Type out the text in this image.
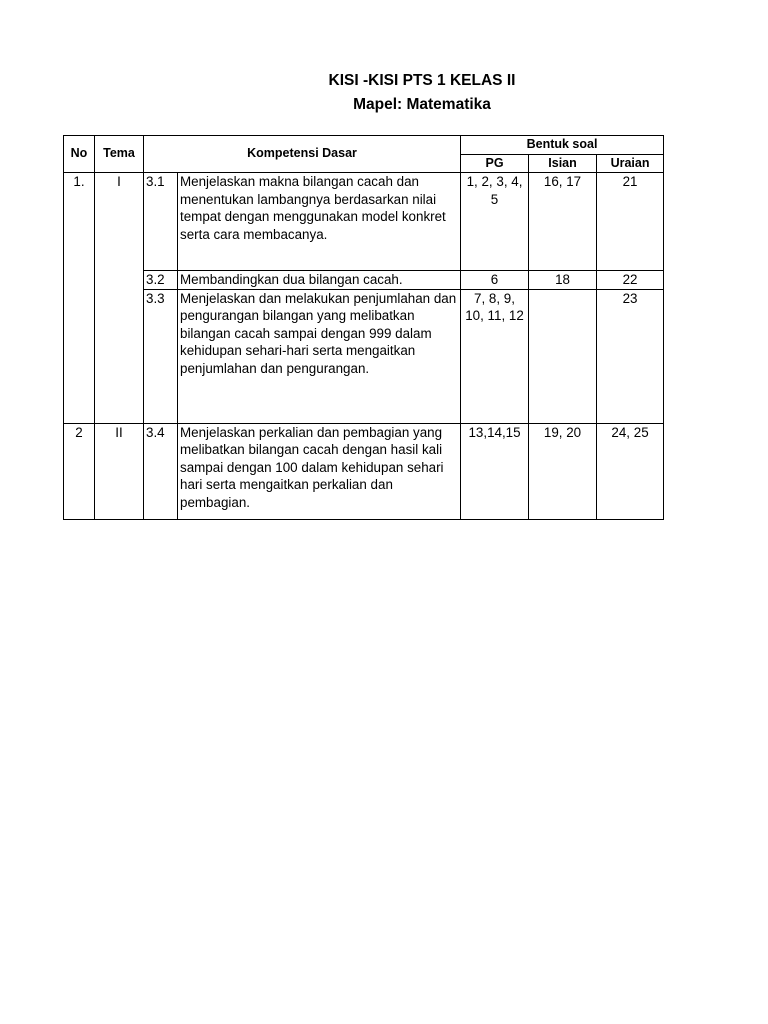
KISI -KISI PTS 1 KELAS II
Mapel: Matematika
No	Tema	Kompetensi Dasar		Bentuk soal		
				PG	Isian	Uraian
1.	I	3.1	Menjelaskan makna bilangan cacah dan menentukan lambangnya berdasarkan nilai tempat dengan menggunakan model konkret serta cara membacanya.	1, 2, 3, 4, 5	16, 17	21
		3.2	Membandingkan dua bilangan cacah.	6	18	22
		3.3	Menjelaskan dan melakukan penjumlahan dan pengurangan bilangan yang melibatkan bilangan cacah sampai dengan 999 dalam kehidupan sehari-hari serta mengaitkan penjumlahan dan pengurangan.	7, 8, 9, 10, 11, 12		23
2	II	3.4	Menjelaskan perkalian dan pembagian yang melibatkan bilangan cacah dengan hasil kali sampai dengan 100 dalam kehidupan sehari hari serta mengaitkan perkalian dan pembagian.	13,14,15	19, 20	24, 25
